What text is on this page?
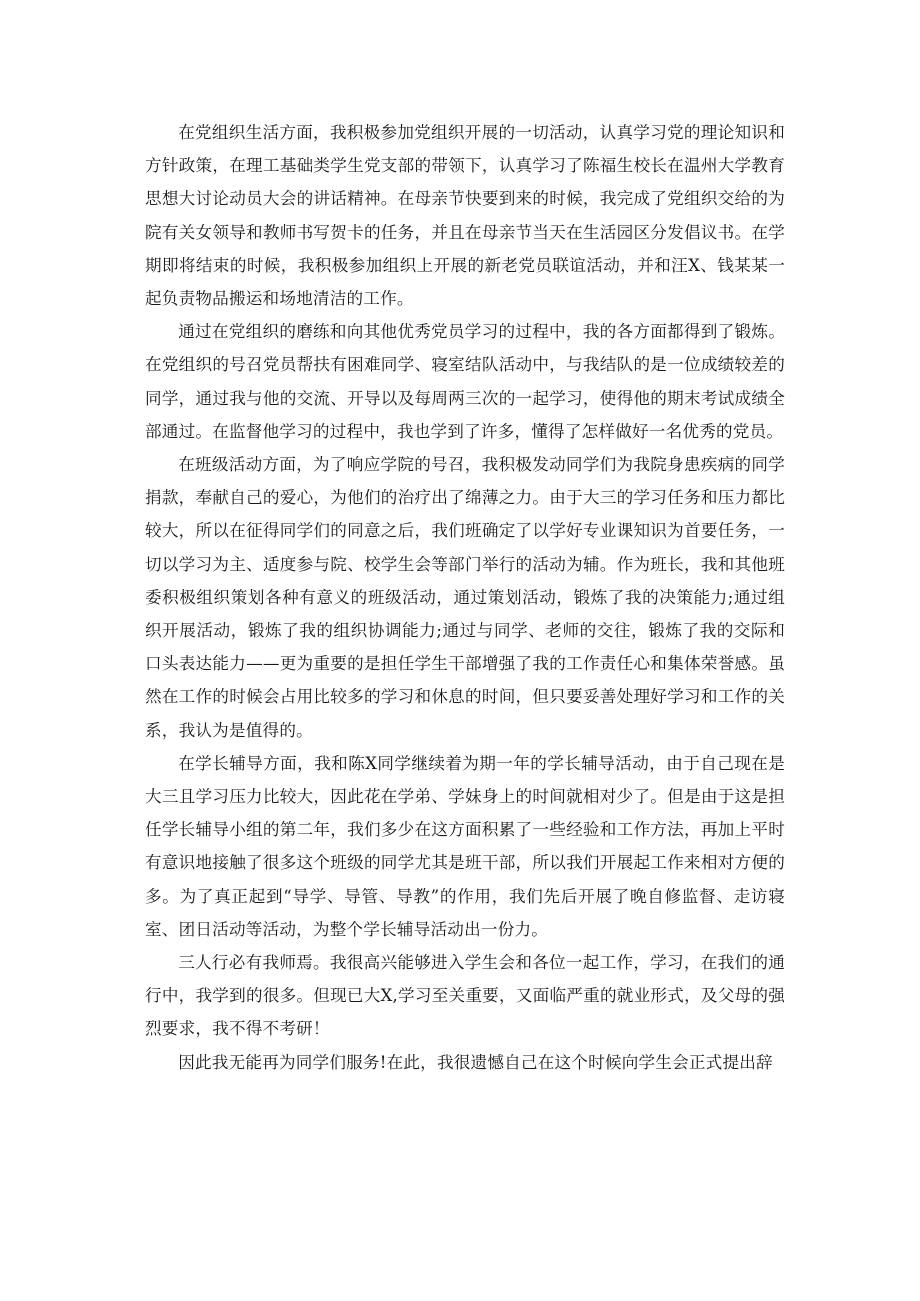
在党组织生活方面，我积极参加党组织开展的一切活动，认真学习党的理论知识和方针政策，在理工基础类学生党支部的带领下，认真学习了陈福生校长在温州大学教育思想大讨论动员大会的讲话精神。在母亲节快要到来的时候，我完成了党组织交给的为院有关女领导和教师书写贺卡的任务，并且在母亲节当天在生活园区分发倡议书。在学期即将结束的时候，我积极参加组织上开展的新老党员联谊活动，并和汪X、钱某某一起负责物品搬运和场地清洁的工作。

通过在党组织的磨练和向其他优秀党员学习的过程中，我的各方面都得到了锻炼。在党组织的号召党员帮扶有困难同学、寝室结队活动中，与我结队的是一位成绩较差的同学，通过我与他的交流、开导以及每周两三次的一起学习，使得他的期末考试成绩全部通过。在监督他学习的过程中，我也学到了许多，懂得了怎样做好一名优秀的党员。

在班级活动方面，为了响应学院的号召，我积极发动同学们为我院身患疾病的同学捐款，奉献自己的爱心，为他们的治疗出了绵薄之力。由于大三的学习任务和压力都比较大，所以在征得同学们的同意之后，我们班确定了以学好专业课知识为首要任务，一切以学习为主、适度参与院、校学生会等部门举行的活动为辅。作为班长，我和其他班委积极组织策划各种有意义的班级活动，通过策划活动，锻炼了我的决策能力;通过组织开展活动，锻炼了我的组织协调能力;通过与同学、老师的交往，锻炼了我的交际和口头表达能力——更为重要的是担任学生干部增强了我的工作责任心和集体荣誉感。虽然在工作的时候会占用比较多的学习和休息的时间，但只要妥善处理好学习和工作的关系，我认为是值得的。

在学长辅导方面，我和陈X同学继续着为期一年的学长辅导活动，由于自己现在是大三且学习压力比较大，因此花在学弟、学妹身上的时间就相对少了。但是由于这是担任学长辅导小组的第二年，我们多少在这方面积累了一些经验和工作方法，再加上平时有意识地接触了很多这个班级的同学尤其是班干部，所以我们开展起工作来相对方便的多。为了真正起到“导学、导管、导教”的作用，我们先后开展了晚自修监督、走访寝室、团日活动等活动，为整个学长辅导活动出一份力。

三人行必有我师焉。我很高兴能够进入学生会和各位一起工作，学习，在我们的通行中，我学到的很多。但现已大X,学习至关重要，又面临严重的就业形式，及父母的强烈要求，我不得不考研！

因此我无能再为同学们服务!在此，我很遗憾自己在这个时候向学生会正式提出辞
